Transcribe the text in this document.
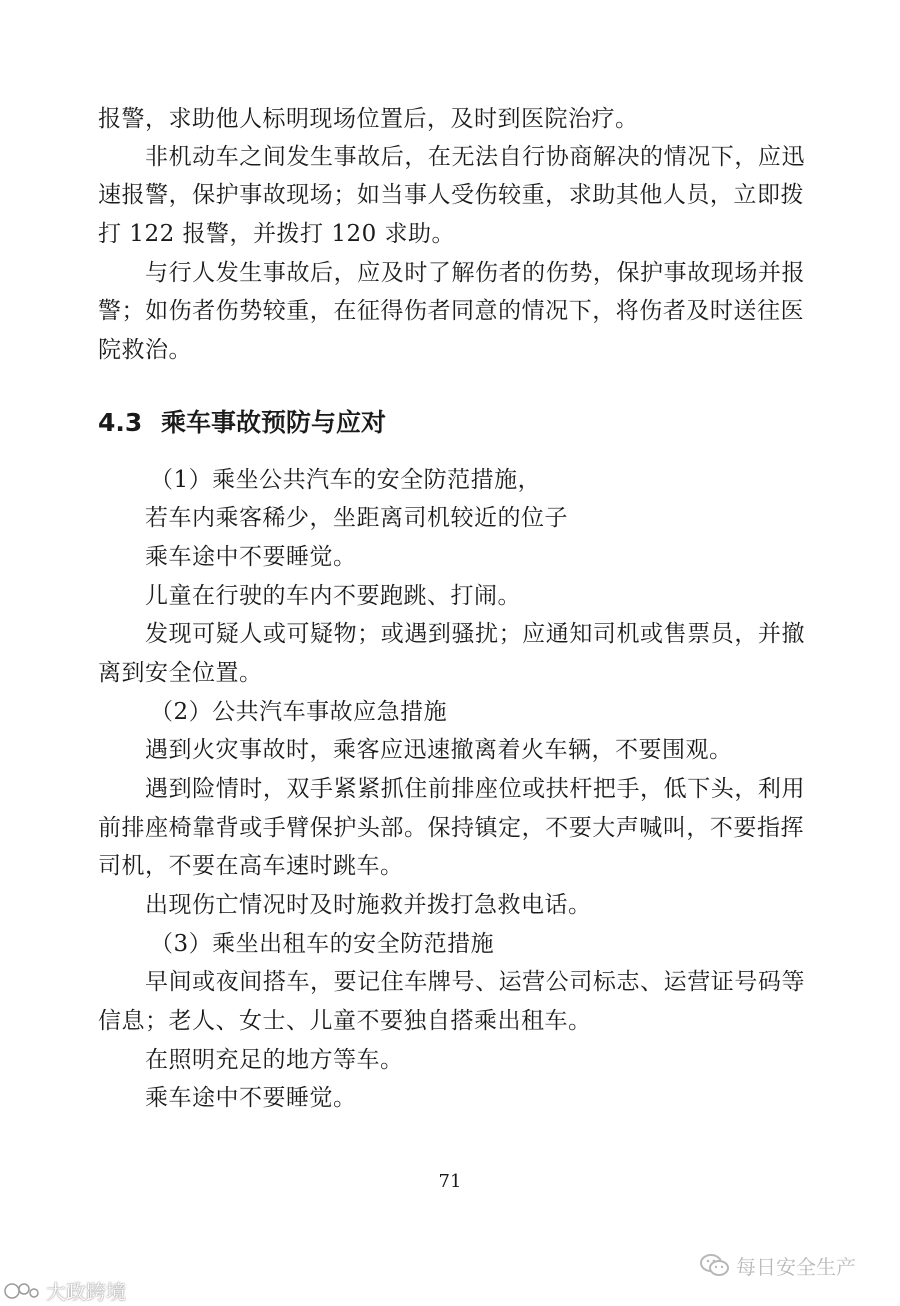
报警，求助他人标明现场位置后，及时到医院治疗。
非机动车之间发生事故后，在无法自行协商解决的情况下，应迅
速报警，保护事故现场；如当事人受伤较重，求助其他人员，立即拨
打 122 报警，并拨打 120 求助。
与行人发生事故后，应及时了解伤者的伤势，保护事故现场并报
警；如伤者伤势较重，在征得伤者同意的情况下，将伤者及时送往医
院救治。
4.3 乘车事故预防与应对
（1）乘坐公共汽车的安全防范措施，
若车内乘客稀少，坐距离司机较近的位子
乘车途中不要睡觉。
儿童在行驶的车内不要跑跳、打闹。
发现可疑人或可疑物；或遇到骚扰；应通知司机或售票员，并撤
离到安全位置。
（2）公共汽车事故应急措施
遇到火灾事故时，乘客应迅速撤离着火车辆，不要围观。
遇到险情时，双手紧紧抓住前排座位或扶杆把手，低下头，利用
前排座椅靠背或手臂保护头部。保持镇定，不要大声喊叫，不要指挥
司机，不要在高车速时跳车。
出现伤亡情况时及时施救并拨打急救电话。
（3）乘坐出租车的安全防范措施
早间或夜间搭车，要记住车牌号、运营公司标志、运营证号码等
信息；老人、女士、儿童不要独自搭乘出租车。
在照明充足的地方等车。
乘车途中不要睡觉。
71
每日安全生产
大政跨境
